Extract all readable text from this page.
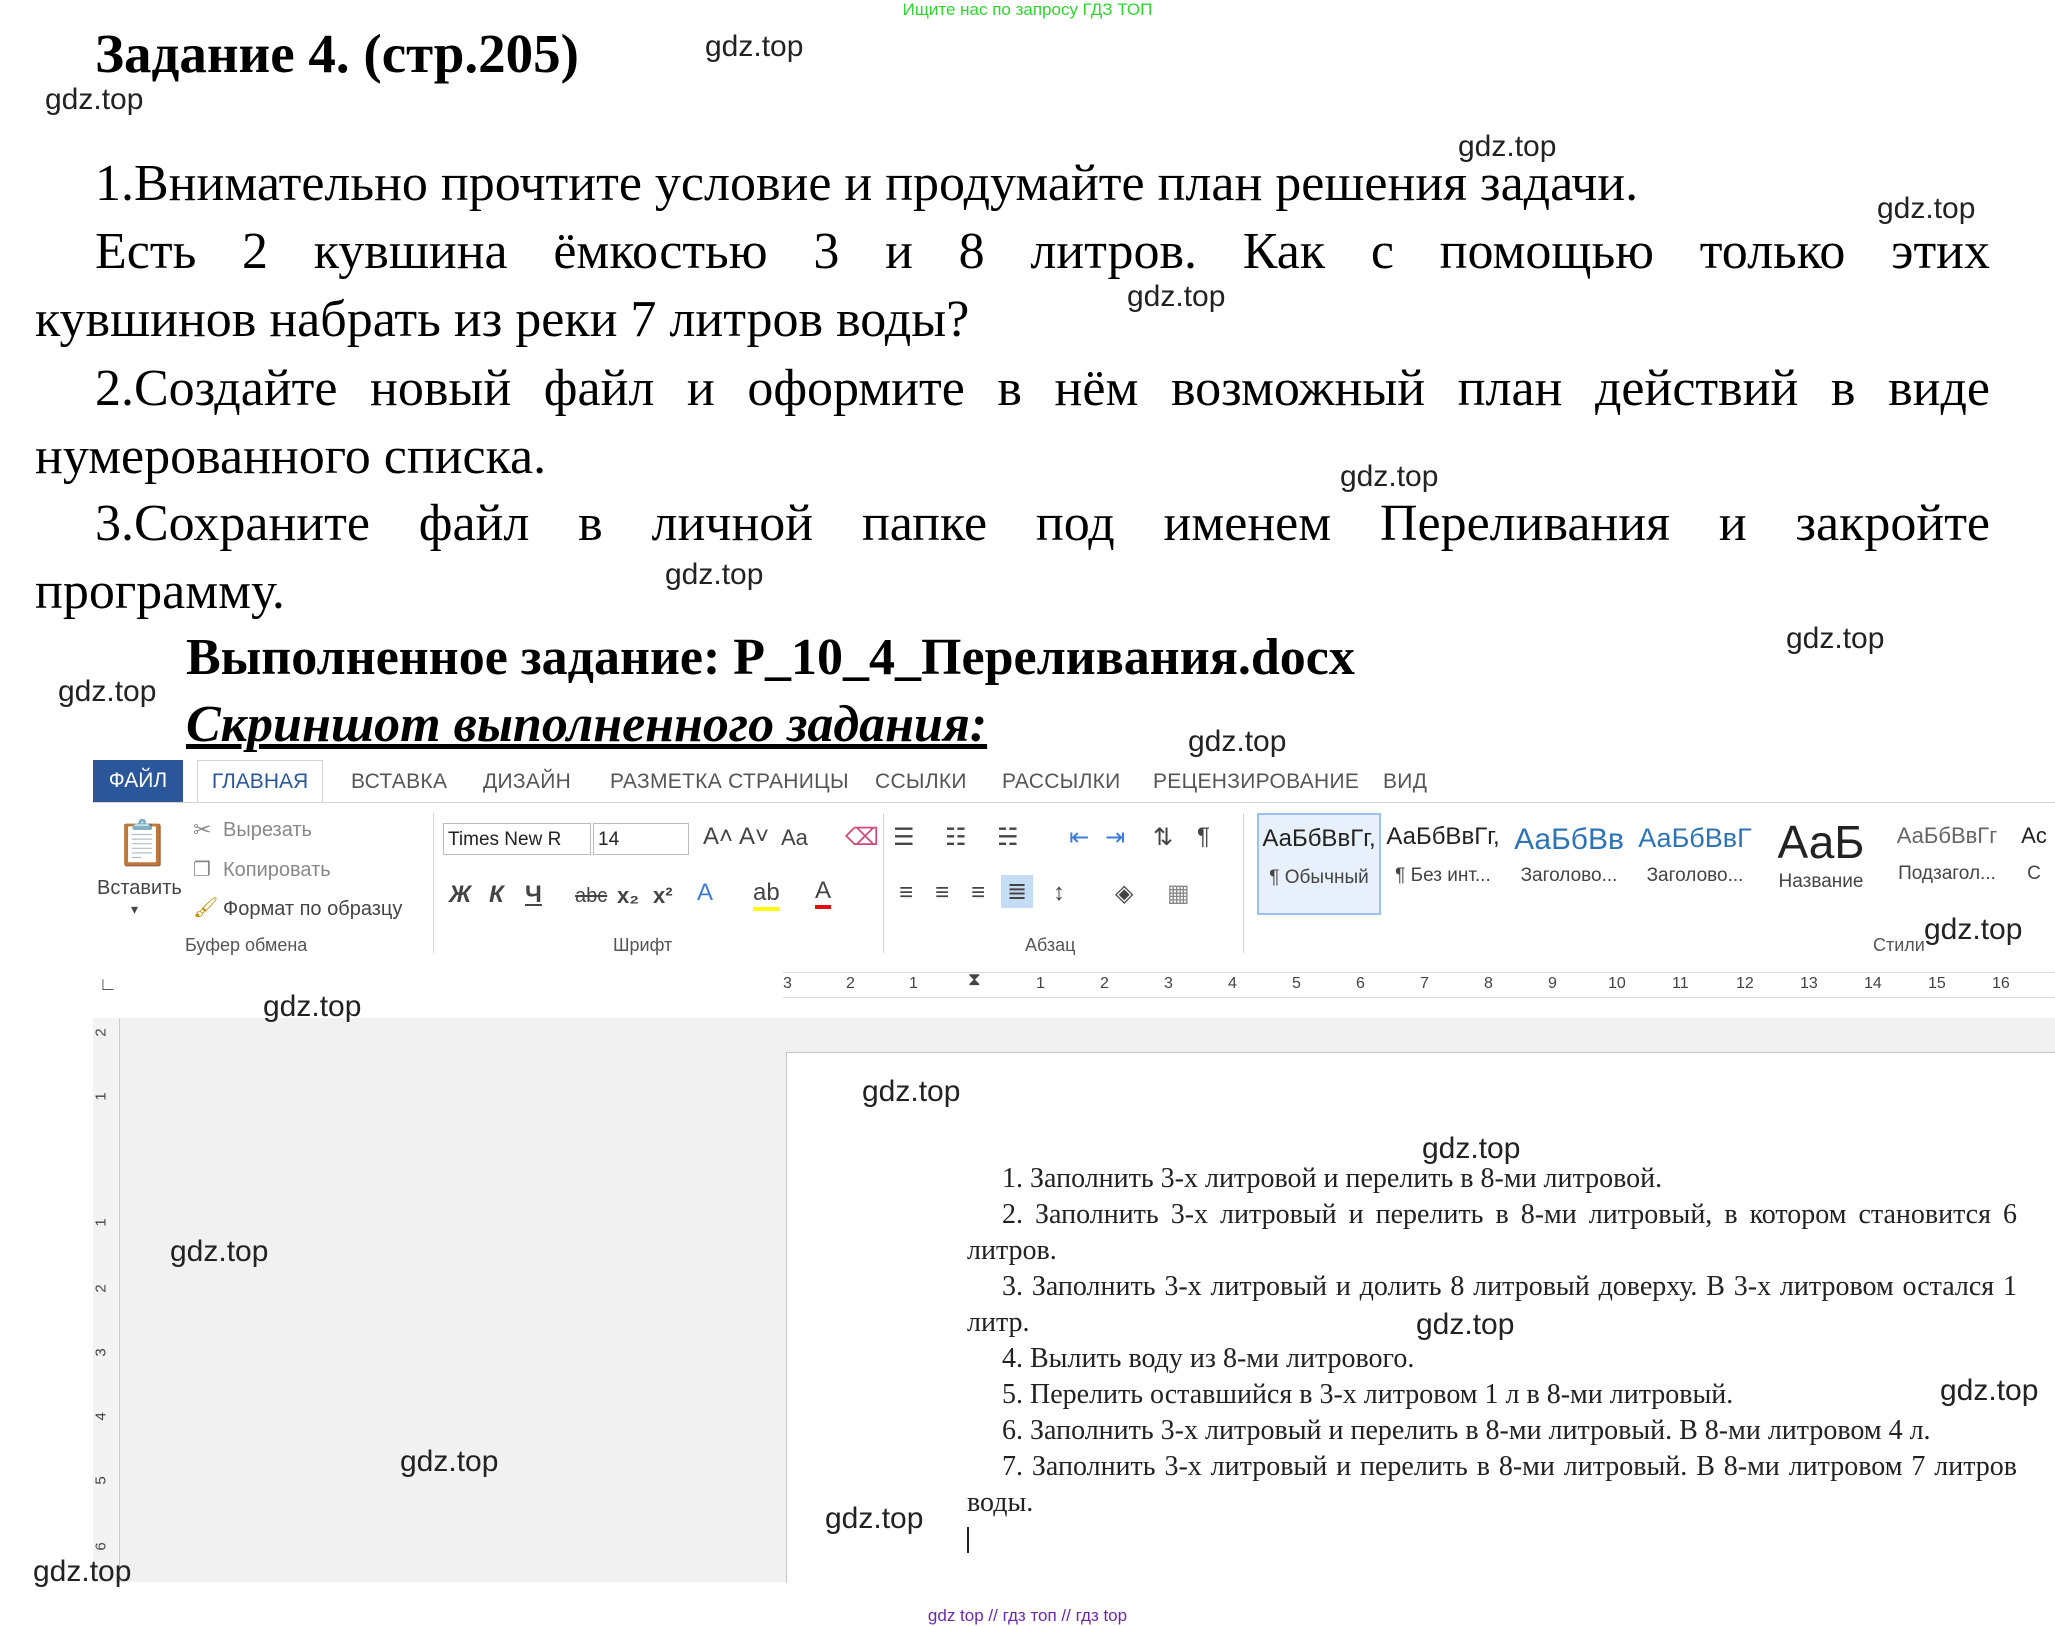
Ищите нас по запросу ГДЗ ТОП
Задание 4. (стр.205)
1.Внимательно прочтите условие и продумайте план решения задачи.
Есть 2 кувшина ёмкостью 3 и 8 литров. Как с помощью только этих
кувшинов набрать из реки 7 литров воды?
2.Создайте новый файл и оформите в нём возможный план действий в виде
нумерованного списка.
3.Сохраните файл в личной папке под именем Переливания и закройте
программу.
Выполненное задание: P_10_4_Переливания.docx
Скриншот выполненного задания:
ФАЙЛ	ГЛАВНАЯ	ВСТАВКА ДИЗАЙН РАЗМЕТКА СТРАНИЦЫ ССЫЛКИ РАССЫЛКИ РЕЦЕНЗИРОВАНИЕ ВИД
📋
Вставить
▾
✂ Вырезать
❐ Копировать
🖌 Формат по образцу
Буфер обмена
Times New R	14	A˄ A˅ Aa ⌫
Ж К Ч abc x₂ x² A ab A
Шрифт
☰ ☷ ☵ ⇤ ⇥ ⇅ ¶
≡ ≡ ≡ ≣ ↕ ◈ ▦
Абзац
АаБбВвГг,
¶ Обычный
АаБбВвГг,
¶ Без инт...
АаБбВв
Заголово...
АаБбВвГ
Заголово...
АаБ
Название
АаБбВвГг
Подзагол...
Ас
С
Стили
∟	3	2	1	⧗	1	2	3	4	5	6	7	8	9	10	11	12	13	14	15	16
2
1
1
2
3
4
5
6
1. Заполнить 3-х литровой и перелить в 8-ми литровой.
2. Заполнить 3-х литровый и перелить в 8-ми литровый, в котором становится 6 литров.
3. Заполнить 3-х литровый и долить 8 литровый доверху. В 3-х литровом остался 1 литр.
4. Вылить воду из 8-ми литрового.
5. Перелить оставшийся в 3-х литровом 1 л в 8-ми литровый.
6. Заполнить 3-х литровый и перелить в 8-ми литровый. В 8-ми литровом 4 л.
7. Заполнить 3-х литровый и перелить в 8-ми литровый. В 8-ми литровом 7 литров воды.
gdz.top
gdz.top
gdz.top
gdz.top
gdz.top
gdz.top
gdz.top
gdz.top
gdz.top
gdz.top
gdz.top
gdz.top
gdz.top
gdz.top
gdz.top
gdz.top
gdz.top
gdz.top
gdz.top
gdz.top
gdz top // гдз топ // гдз top
